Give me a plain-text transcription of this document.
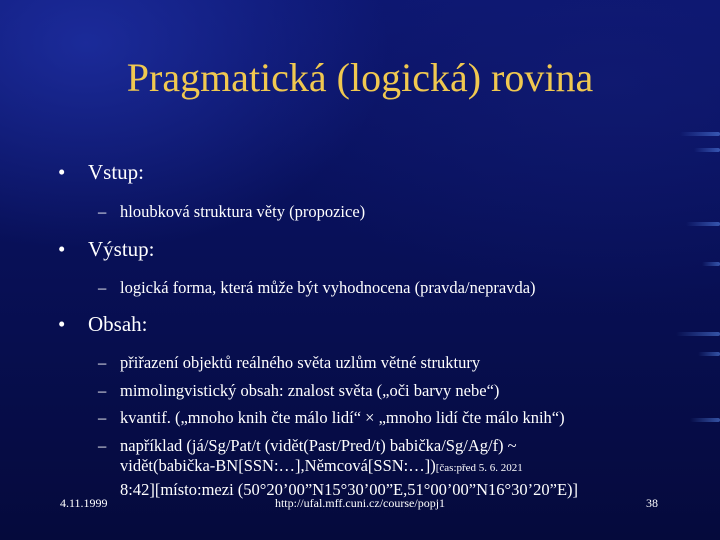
Pragmatická (logická) rovina
• Vstup:
– hloubková struktura věty (propozice)
• Výstup:
– logická forma, která může být vyhodnocena (pravda/nepravda)
• Obsah:
– přiřazení objektů reálného světa uzlům větné struktury
– mimolingvistický obsah: znalost světa („oči barvy nebe“)
– kvantif. („mnoho knih čte málo lidí“ × „mnoho lidí čte málo knih“)
– například (já/Sg/Pat/t (vidět(Past/Pred/t) babička/Sg/Ag/f) ~
vidět(babička-BN[SSN:…],Němcová[SSN:…])[čas:před 5. 6. 2021
8:42][místo:mezi (50°20’00”N15°30’00”E,51°00’00”N16°30’20”E)]
4.11.1999	http://ufal.mff.cuni.cz/course/popj1	38
